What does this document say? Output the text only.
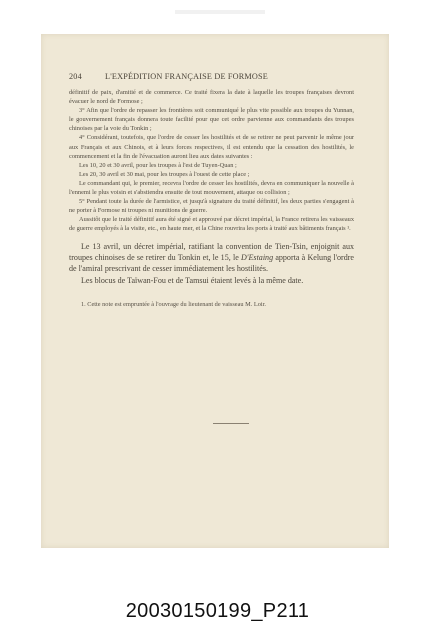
204	L'EXPÉDITION FRANÇAISE DE FORMOSE

définitif de paix, d'amitié et de commerce. Ce traité fixera la date à laquelle les troupes françaises devront évacuer le nord de Formose ;

3° Afin que l'ordre de repasser les frontières soit communiqué le plus vite possible aux troupes du Yunnan, le gouvernement français donnera toute facilité pour que cet ordre parvienne aux commandants des troupes chinoises par la voie du Tonkin ;

4° Considérant, toutefois, que l'ordre de cesser les hostilités et de se retirer ne peut parvenir le même jour aux Français et aux Chinois, et à leurs forces respectives, il est entendu que la cessation des hostilités, le commencement et la fin de l'évacuation auront lieu aux dates suivantes :

Les 10, 20 et 30 avril, pour les troupes à l'est de Tuyen-Quan ;

Les 20, 30 avril et 30 mai, pour les troupes à l'ouest de cette place ;

Le commandant qui, le premier, recevra l'ordre de cesser les hostilités, devra en communiquer la nouvelle à l'ennemi le plus voisin et s'abstiendra ensuite de tout mouvement, attaque ou collision ;

5° Pendant toute la durée de l'armistice, et jusqu'à signature du traité définitif, les deux parties s'engagent à ne porter à Formose ni troupes ni munitions de guerre.

Aussitôt que le traité définitif aura été signé et approuvé par décret impérial, la France retirera les vaisseaux de guerre employés à la visite, etc., en haute mer, et la Chine rouvrira les ports à traité aux bâtiments français ¹.

Le 13 avril, un décret impérial, ratifiant la convention de Tien-Tsin, enjoignit aux troupes chinoises de se retirer du Tonkin et, le 15, le D'Estaing apporta à Kelung l'ordre de l'amiral prescrivant de cesser immédiatement les hostilités.

Les blocus de Taïwan-Fou et de Tamsui étaient levés à la même date.

1. Cette note est empruntée à l'ouvrage du lieutenant de vaisseau M. Loir.
20030150199_P211
